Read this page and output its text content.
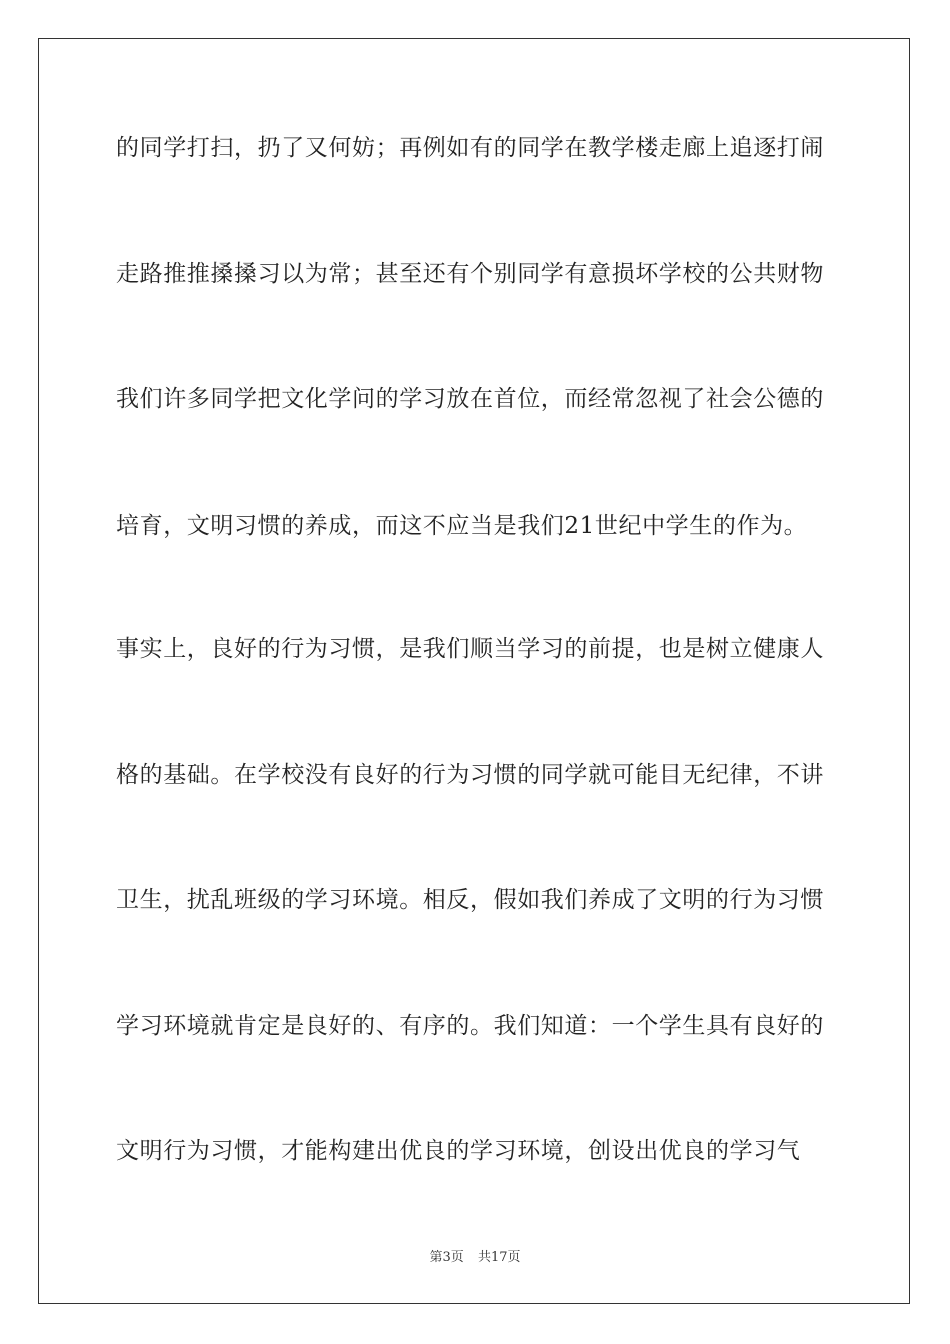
的同学打扫，扔了又何妨；再例如有的同学在教学楼走廊上追逐打闹
走路推推搡搡习以为常；甚至还有个别同学有意损坏学校的公共财物
我们许多同学把文化学问的学习放在首位，而经常忽视了社会公德的
培育，文明习惯的养成，而这不应当是我们21世纪中学生的作为。
事实上，良好的行为习惯，是我们顺当学习的前提，也是树立健康人
格的基础。在学校没有良好的行为习惯的同学就可能目无纪律，不讲
卫生，扰乱班级的学习环境。相反，假如我们养成了文明的行为习惯
学习环境就肯定是良好的、有序的。我们知道：一个学生具有良好的
文明行为习惯，才能构建出优良的学习环境，创设出优良的学习气
第3页 共17页
